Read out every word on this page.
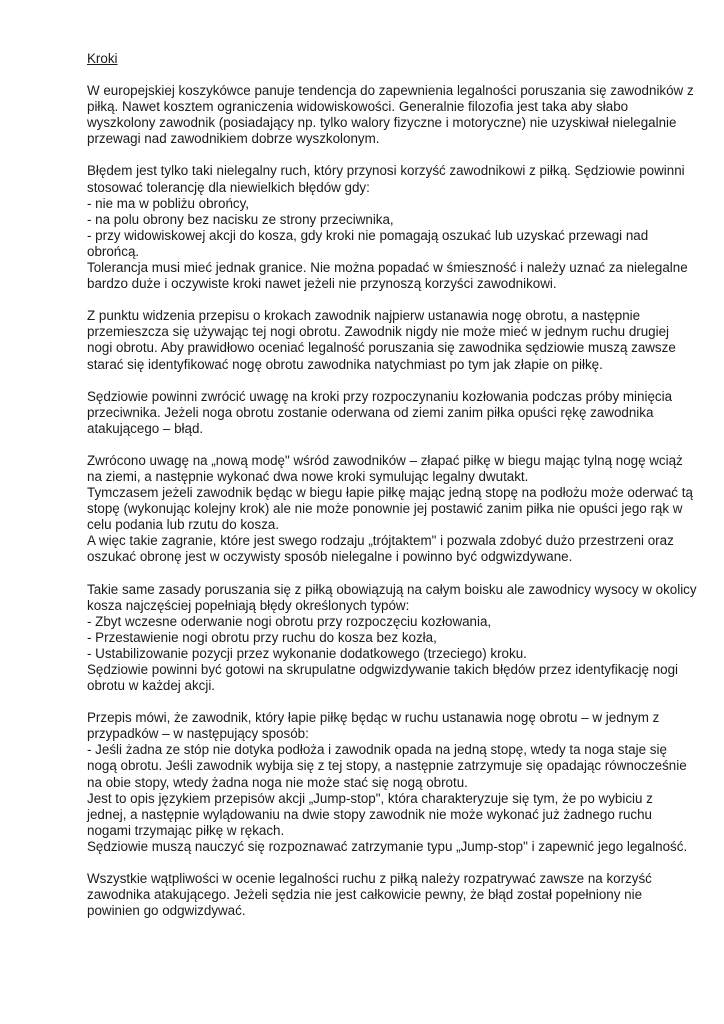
Kroki
W europejskiej koszykówce panuje tendencja do zapewnienia legalności poruszania się zawodników z
piłką. Nawet kosztem ograniczenia widowiskowości. Generalnie filozofia jest taka aby słabo
wyszkolony zawodnik (posiadający np. tylko walory fizyczne i motoryczne) nie uzyskiwał nielegalnie
przewagi nad zawodnikiem dobrze wyszkolonym.
Błędem jest tylko taki nielegalny ruch, który przynosi korzyść zawodnikowi z piłką. Sędziowie powinni
stosować tolerancję dla niewielkich błędów gdy:
- nie ma w pobliżu obrońcy,
- na polu obrony bez nacisku ze strony przeciwnika,
- przy widowiskowej akcji do kosza, gdy kroki nie pomagają oszukać lub uzyskać przewagi nad
obrońcą.
Tolerancja musi mieć jednak granice. Nie można popadać w śmieszność i należy uznać za nielegalne
bardzo duże i oczywiste kroki nawet jeżeli nie przynoszą korzyści zawodnikowi.
Z punktu widzenia przepisu o krokach zawodnik najpierw ustanawia nogę obrotu, a następnie
przemieszcza się używając tej nogi obrotu. Zawodnik nigdy nie może mieć w jednym ruchu drugiej
nogi obrotu. Aby prawidłowo oceniać legalność poruszania się zawodnika sędziowie muszą zawsze
starać się identyfikować nogę obrotu zawodnika natychmiast po tym jak złapie on piłkę.
Sędziowie powinni zwrócić uwagę na kroki przy rozpoczynaniu kozłowania podczas próby minięcia
przeciwnika. Jeżeli noga obrotu zostanie oderwana od ziemi zanim piłka opuści rękę zawodnika
atakującego – błąd.
Zwrócono uwagę na „nową modę" wśród zawodników – złapać piłkę w biegu mając tylną nogę wciąż
na ziemi, a następnie wykonać dwa nowe kroki symulując legalny dwutakt.
Tymczasem jeżeli zawodnik będąc w biegu łapie piłkę mając jedną stopę na podłożu może oderwać tą
stopę (wykonując kolejny krok) ale nie może ponownie jej postawić zanim piłka nie opuści jego rąk w
celu podania lub rzutu do kosza.
A więc takie zagranie, które jest swego rodzaju „trójtaktem" i pozwala zdobyć dużo przestrzeni oraz
oszukać obronę jest w oczywisty sposób nielegalne i powinno być odgwizdywane.
Takie same zasady poruszania się z piłką obowiązują na całym boisku ale zawodnicy wysocy w okolicy
kosza najczęściej popełniają błędy określonych typów:
- Zbyt wczesne oderwanie nogi obrotu przy rozpoczęciu kozłowania,
- Przestawienie nogi obrotu przy ruchu do kosza bez kozła,
- Ustabilizowanie pozycji przez wykonanie dodatkowego (trzeciego) kroku.
Sędziowie powinni być gotowi na skrupulatne odgwizdywanie takich błędów przez identyfikację nogi
obrotu w każdej akcji.
Przepis mówi, że zawodnik, który łapie piłkę będąc w ruchu ustanawia nogę obrotu – w jednym z
przypadków – w następujący sposób:
- Jeśli żadna ze stóp nie dotyka podłoża i zawodnik opada na jedną stopę, wtedy ta noga staje się
nogą obrotu. Jeśli zawodnik wybija się z tej stopy, a następnie zatrzymuje się opadając równocześnie
na obie stopy, wtedy żadna noga nie może stać się nogą obrotu.
Jest to opis językiem przepisów akcji „Jump-stop", która charakteryzuje się tym, że po wybiciu z
jednej, a następnie wylądowaniu na dwie stopy zawodnik nie może wykonać już żadnego ruchu
nogami trzymając piłkę w rękach.
Sędziowie muszą nauczyć się rozpoznawać zatrzymanie typu „Jump-stop" i zapewnić jego legalność.
Wszystkie wątpliwości w ocenie legalności ruchu z piłką należy rozpatrywać zawsze na korzyść
zawodnika atakującego. Jeżeli sędzia nie jest całkowicie pewny, że błąd został popełniony nie
powinien go odgwizdywać.
